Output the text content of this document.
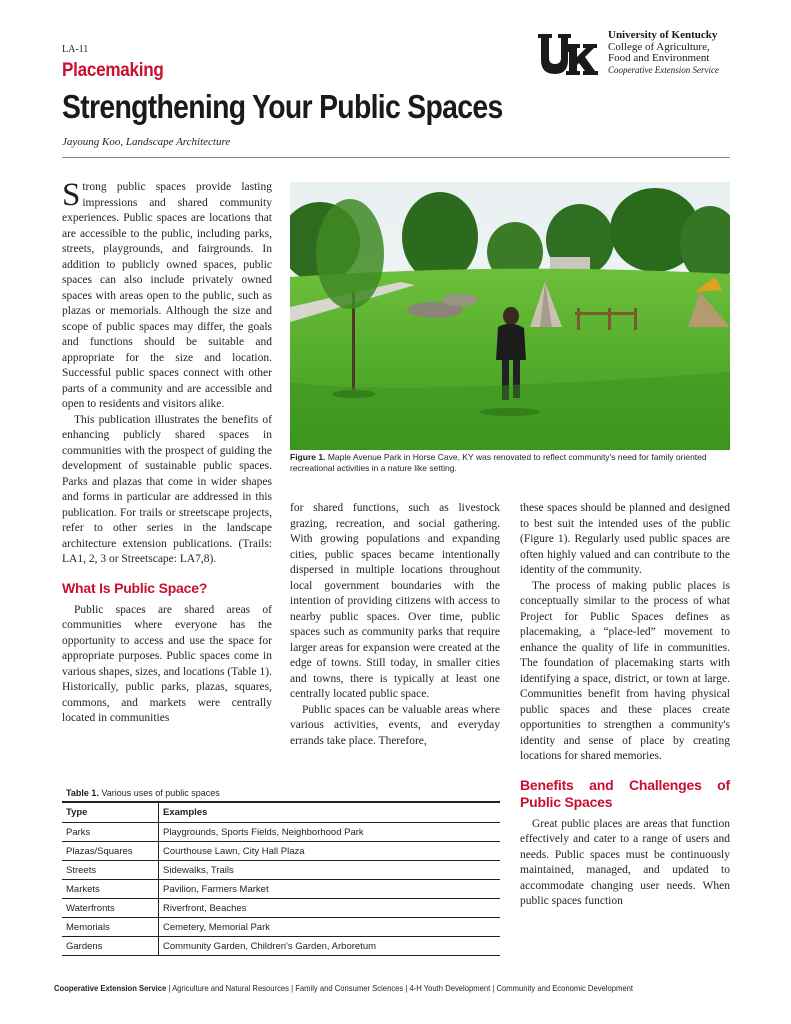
LA-11
Placemaking
Strengthening Your Public Spaces
Jayoung Koo, Landscape Architecture
University of Kentucky
College of Agriculture,
Food and Environment
Cooperative Extension Service
Figure 1. Maple Avenue Park in Horse Cave, KY was renovated to reflect community's need for family oriented recreational activities in a nature like setting.

Strong public spaces provide lasting impressions and shared community experiences. Public spaces are locations that are accessible to the public, including parks, streets, playgrounds, and fairgrounds. In addition to publicly owned spaces, public spaces can also include privately owned spaces with areas open to the public, such as plazas or memorials. Although the size and scope of public spaces may differ, the goals and functions should be suitable and appropriate for the size and location. Successful public spaces connect with other parts of a community and are accessible and open to residents and visitors alike.

This publication illustrates the benefits of enhancing publicly shared spaces in communities with the prospect of guiding the development of sustainable public spaces. Parks and plazas that come in wider shapes and forms in particular are addressed in this publication. For trails or streetscape projects, refer to other series in the landscape architecture extension publications. (Trails: LA1, 2, 3 or Streetscape: LA7,8).

What Is Public Space?

Public spaces are shared areas of communities where everyone has the opportunity to access and use the space for appropriate purposes. Public spaces come in various shapes, sizes, and locations (Table 1). Historically, public parks, plazas, squares, commons, and markets were centrally located in communities

for shared functions, such as livestock grazing, recreation, and social gathering. With growing populations and expanding cities, public spaces became intentionally dispersed in multiple locations throughout local government boundaries with the intention of providing citizens with access to nearby public spaces. Over time, public spaces such as community parks that require larger areas for expansion were created at the edge of towns. Still today, in smaller cities and towns, there is typically at least one centrally located public space.

Public spaces can be valuable areas where various activities, events, and everyday errands take place. Therefore,

these spaces should be planned and designed to best suit the intended uses of the public (Figure 1). Regularly used public spaces are often highly valued and can contribute to the identity of the community.

The process of making public places is conceptually similar to the process of what Project for Public Spaces defines as placemaking, a “place-led” movement to enhance the quality of life in communities. The foundation of placemaking starts with identifying a space, district, or town at large. Communities benefit from having physical public spaces and these places create opportunities to strengthen a community's identity and sense of place by creating locations for shared memories.

Benefits and Challenges of Public Spaces

Great public places are areas that function effectively and cater to a range of users and needs. Public spaces must be continuously maintained, managed, and updated to accommodate changing user needs. When public spaces function

Table 1. Various uses of public spaces
Type	Examples
Parks	Playgrounds, Sports Fields, Neighborhood Park
Plazas/Squares	Courthouse Lawn, City Hall Plaza
Streets	Sidewalks, Trails
Markets	Pavilion, Farmers Market
Waterfronts	Riverfront, Beaches
Memorials	Cemetery, Memorial Park
Gardens	Community Garden, Children's Garden, Arboretum
Cooperative Extension Service | Agriculture and Natural Resources | Family and Consumer Sciences | 4-H Youth Development | Community and Economic Development
